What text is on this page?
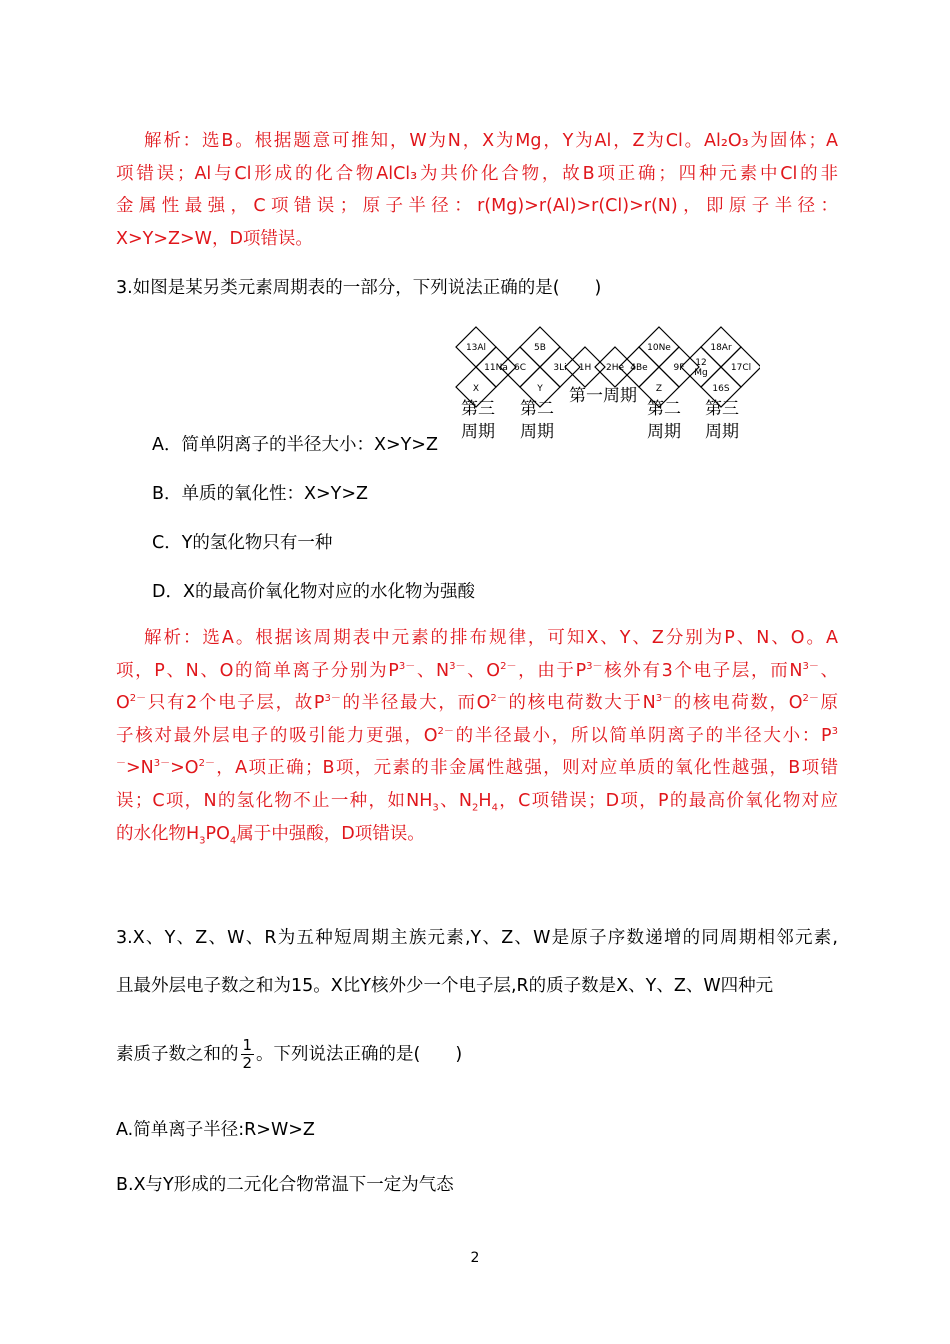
解析：选B。根据题意可推知，W为N，X为Mg，Y为Al，Z为Cl。Al₂O₃为固体；A
项错误；Al与Cl形成的化合物AlCl₃为共价化合物，故B项正确；四种元素中Cl的非
金属性最强，C项错误；原子半径：r(Mg)>r(Al)>r(Cl)>r(N)，即原子半径：
X>Y>Z>W，D项错误。
3.如图是某另类元素周期表的一部分，下列说法正确的是(　　)
13Al
11Na
X
5B
6C	3Li
Y
1H 2He
10Ne
4Be	9F
Z
18Ar
12
Mg	17Cl
16S
第三
周期
第二
周期
第一周期
第二
周期
第三
周期
A．简单阴离子的半径大小：X>Y>Z
B．单质的氧化性：X>Y>Z
C．Y的氢化物只有一种
D．X的最高价氧化物对应的水化物为强酸
解析：选A。根据该周期表中元素的排布规律，可知X、Y、Z分别为P、N、O。A
项，P、N、O的简单离子分别为$P^{3-}$、$N^{3-}$、$O^{2-}$，由于$P^{3-}$核外有3个电子层，而$N^{3-}$、
$O^{2-}$只有2个电子层，故$P^{3-}$的半径最大，而$O^{2-}$的核电荷数大于$N^{3-}$的核电荷数，$O^{2-}$原
子核对最外层电子的吸引能力更强，$O^{2-}$的半径最小，所以简单阴离子的半径大小：$P^3$
$^->N^{3-}>O^{2-}$，A项正确；B项，元素的非金属性越强，则对应单质的氧化性越强，B项错
误；C项，N的氢化物不止一种，如$NH_3$、$N_2H_4$，C项错误；D项，P的最高价氧化物对应
的水化物$H_3PO_4$属于中强酸，D项错误。
3.X、Y、Z、W、R为五种短周期主族元素,Y、Z、W是原子序数递增的同周期相邻元素,
且最外层电子数之和为15。X比Y核外少一个电子层,R的质子数是X、Y、Z、W四种元
素质子数之和的 $\frac{1}{2}$ 。下列说法正确的是(　　)
A.简单离子半径:R>W>Z
B.X与Y形成的二元化合物常温下一定为气态
2
